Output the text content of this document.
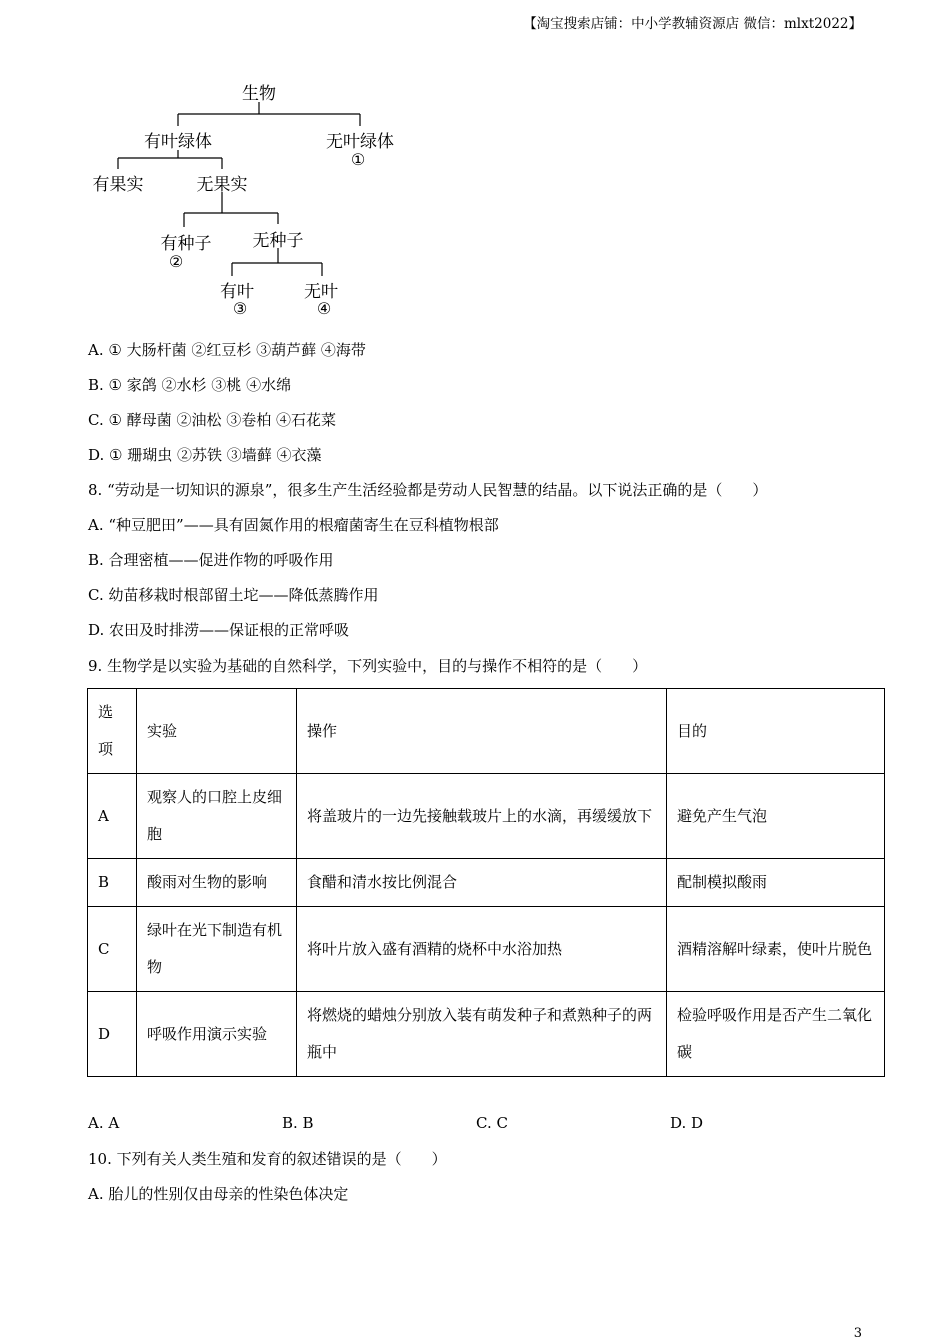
【淘宝搜索店铺：中小学教辅资源店 微信：mlxt2022】
生物
有叶绿体	无叶绿体
①
有果实	无果实
有种子
②
无种子
有叶
③
无叶
④
A. ① 大肠杆菌 ②红豆杉 ③葫芦藓 ④海带
B. ① 家鸽 ②水杉 ③桃 ④水绵
C. ① 酵母菌 ②油松 ③卷柏 ④石花菜
D. ① 珊瑚虫 ②苏铁 ③墙藓 ④衣藻
8. “劳动是一切知识的源泉”，很多生产生活经验都是劳动人民智慧的结晶。以下说法正确的是（　　）
A. “种豆肥田”——具有固氮作用的根瘤菌寄生在豆科植物根部
B. 合理密植——促进作物的呼吸作用
C. 幼苗移栽时根部留土坨——降低蒸腾作用
D. 农田及时排涝——保证根的正常呼吸
9. 生物学是以实验为基础的自然科学，下列实验中，目的与操作不相符的是（　　）
选项	实验	操作	目的
A	观察人的口腔上皮细胞	将盖玻片的一边先接触载玻片上的水滴，再缓缓放下	避免产生气泡
B	酸雨对生物的影响	食醋和清水按比例混合	配制模拟酸雨
C	绿叶在光下制造有机物	将叶片放入盛有酒精的烧杯中水浴加热	酒精溶解叶绿素，使叶片脱色
D	呼吸作用演示实验	将燃烧的蜡烛分别放入装有萌发种子和煮熟种子的两瓶中	检验呼吸作用是否产生二氧化碳
A. A	B. B	C. C	D. D
10. 下列有关人类生殖和发育的叙述错误的是（　　）
A. 胎儿的性别仅由母亲的性染色体决定
3
